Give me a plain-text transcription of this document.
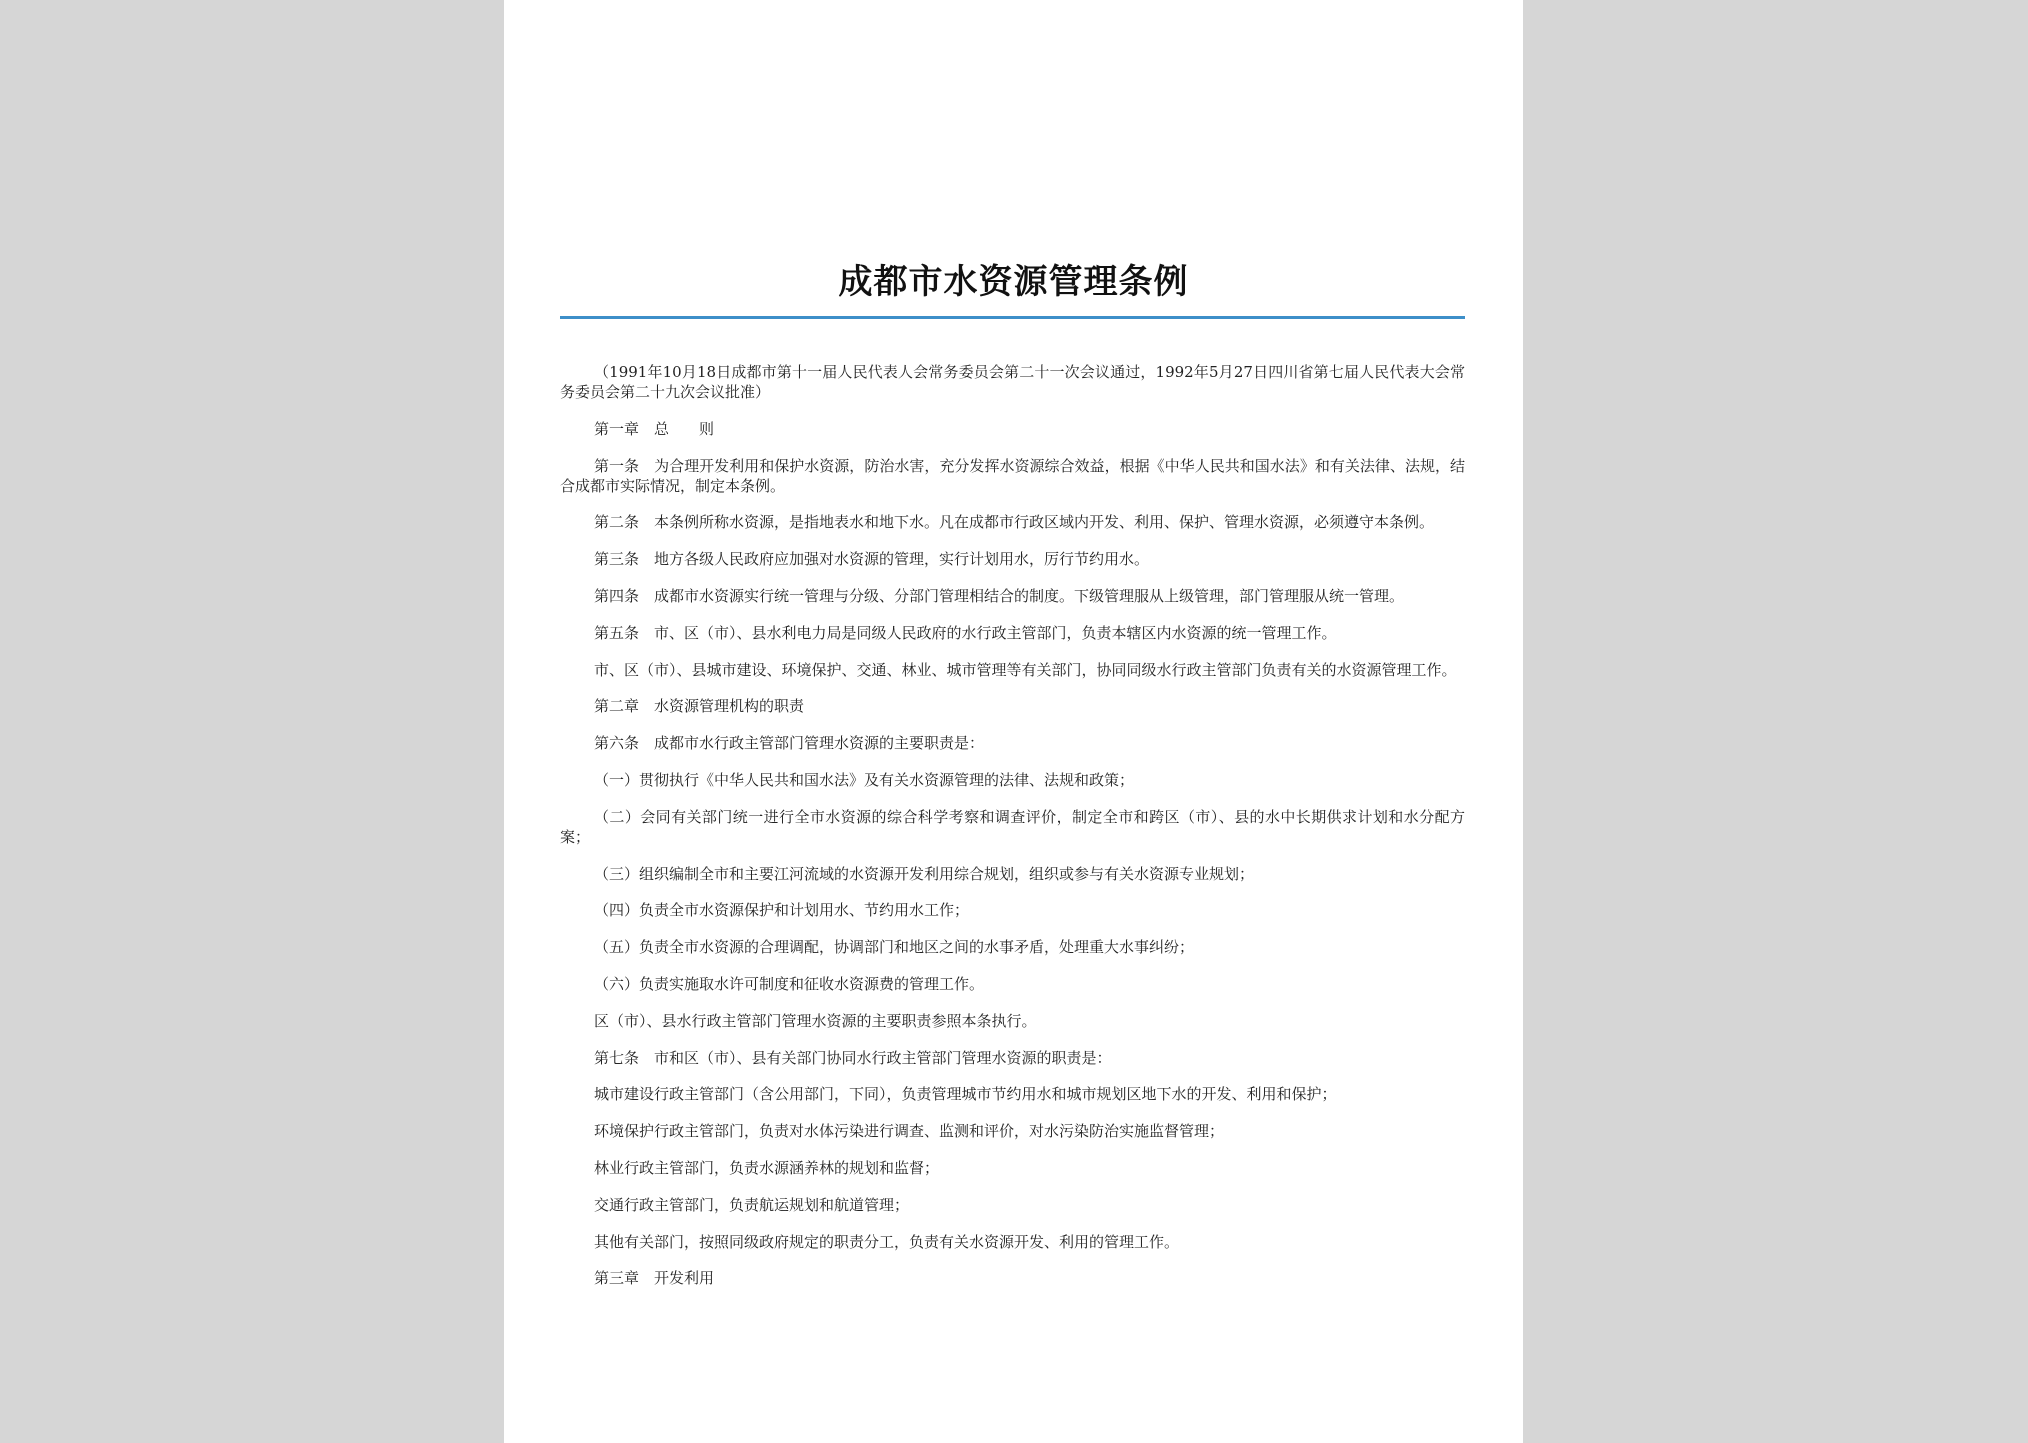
成都市水资源管理条例

（1991年10月18日成都市第十一届人民代表人会常务委员会第二十一次会议通过，1992年5月27日四川省第七届人民代表大会常务委员会第二十九次会议批准）

第一章　总　　则

第一条　为合理开发利用和保护水资源，防治水害，充分发挥水资源综合效益，根据《中华人民共和国水法》和有关法律、法规，结合成都市实际情况，制定本条例。

第二条　本条例所称水资源，是指地表水和地下水。凡在成都市行政区域内开发、利用、保护、管理水资源，必须遵守本条例。

第三条　地方各级人民政府应加强对水资源的管理，实行计划用水，厉行节约用水。

第四条　成都市水资源实行统一管理与分级、分部门管理相结合的制度。下级管理服从上级管理，部门管理服从统一管理。

第五条　市、区（市）、县水利电力局是同级人民政府的水行政主管部门，负责本辖区内水资源的统一管理工作。

市、区（市）、县城市建设、环境保护、交通、林业、城市管理等有关部门，协同同级水行政主管部门负责有关的水资源管理工作。

第二章　水资源管理机构的职责

第六条　成都市水行政主管部门管理水资源的主要职责是：

（一）贯彻执行《中华人民共和国水法》及有关水资源管理的法律、法规和政策；

（二）会同有关部门统一进行全市水资源的综合科学考察和调查评价，制定全市和跨区（市）、县的水中长期供求计划和水分配方案；

（三）组织编制全市和主要江河流域的水资源开发利用综合规划，组织或参与有关水资源专业规划；

（四）负责全市水资源保护和计划用水、节约用水工作；

（五）负责全市水资源的合理调配，协调部门和地区之间的水事矛盾，处理重大水事纠纷；

（六）负责实施取水许可制度和征收水资源费的管理工作。

区（市）、县水行政主管部门管理水资源的主要职责参照本条执行。

第七条　市和区（市）、县有关部门协同水行政主管部门管理水资源的职责是：

城市建设行政主管部门（含公用部门，下同），负责管理城市节约用水和城市规划区地下水的开发、利用和保护；

环境保护行政主管部门，负责对水体污染进行调查、监测和评价，对水污染防治实施监督管理；

林业行政主管部门，负责水源涵养林的规划和监督；

交通行政主管部门，负责航运规划和航道管理；

其他有关部门，按照同级政府规定的职责分工，负责有关水资源开发、利用的管理工作。

第三章　开发利用
